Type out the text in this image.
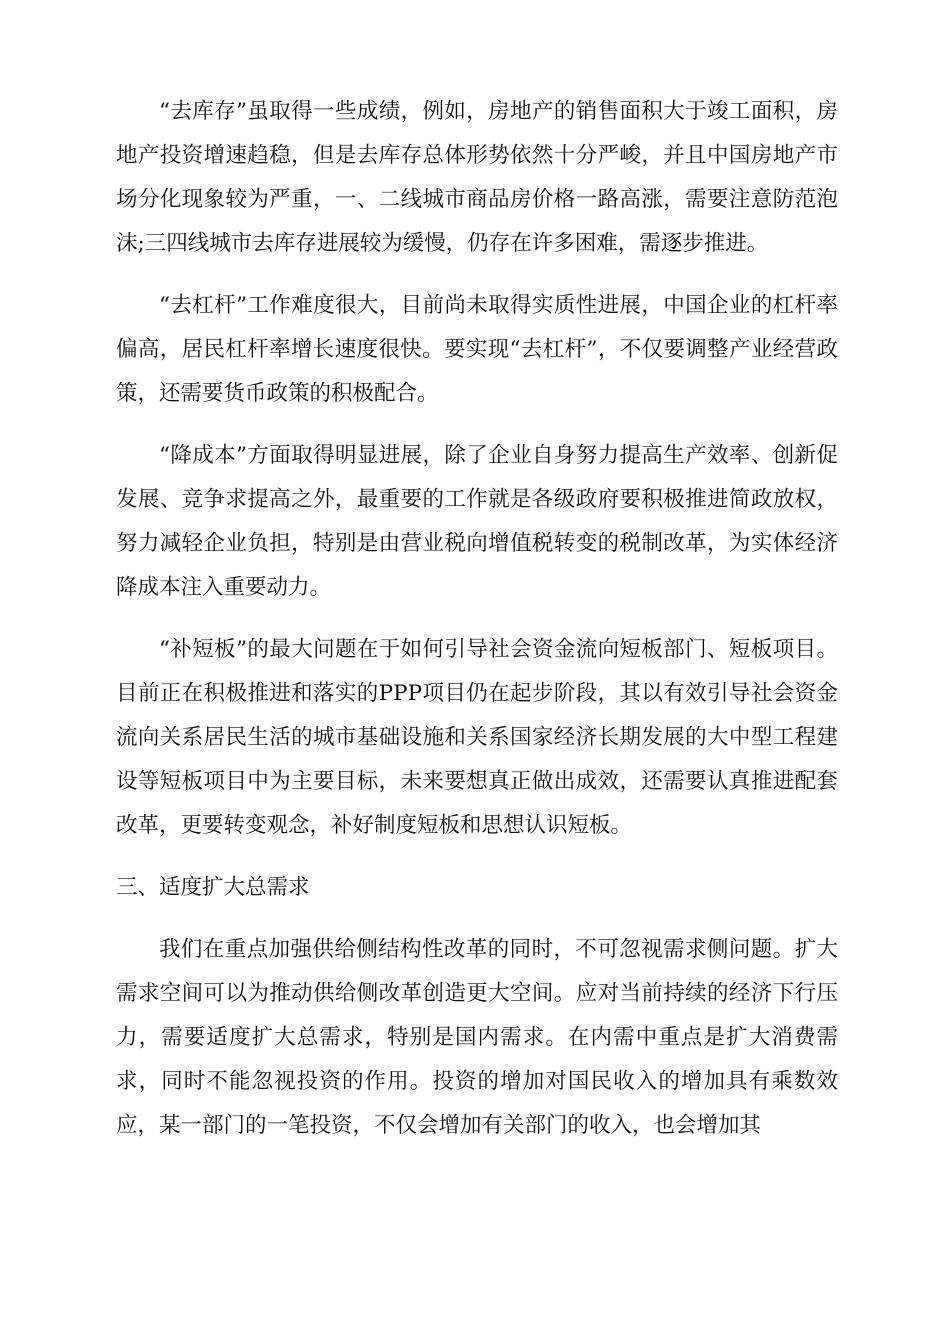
“去库存”虽取得一些成绩，例如，房地产的销售面积大于竣工面积，房地产投资增速趋稳，但是去库存总体形势依然十分严峻，并且中国房地产市场分化现象较为严重，一、二线城市商品房价格一路高涨，需要注意防范泡沫;三四线城市去库存进展较为缓慢，仍存在许多困难，需逐步推进。

“去杠杆”工作难度很大，目前尚未取得实质性进展，中国企业的杠杆率偏高，居民杠杆率增长速度很快。要实现“去杠杆”，不仅要调整产业经营政策，还需要货币政策的积极配合。

“降成本”方面取得明显进展，除了企业自身努力提高生产效率、创新促发展、竞争求提高之外，最重要的工作就是各级政府要积极推进简政放权，努力减轻企业负担，特别是由营业税向增值税转变的税制改革，为实体经济降成本注入重要动力。

“补短板”的最大问题在于如何引导社会资金流向短板部门、短板项目。目前正在积极推进和落实的PPP项目仍在起步阶段，其以有效引导社会资金流向关系居民生活的城市基础设施和关系国家经济长期发展的大中型工程建设等短板项目中为主要目标，未来要想真正做出成效，还需要认真推进配套改革，更要转变观念，补好制度短板和思想认识短板。

三、适度扩大总需求

我们在重点加强供给侧结构性改革的同时，不可忽视需求侧问题。扩大需求空间可以为推动供给侧改革创造更大空间。应对当前持续的经济下行压力，需要适度扩大总需求，特别是国内需求。在内需中重点是扩大消费需求，同时不能忽视投资的作用。投资的增加对国民收入的增加具有乘数效应，某一部门的一笔投资，不仅会增加有关部门的收入，也会增加其
